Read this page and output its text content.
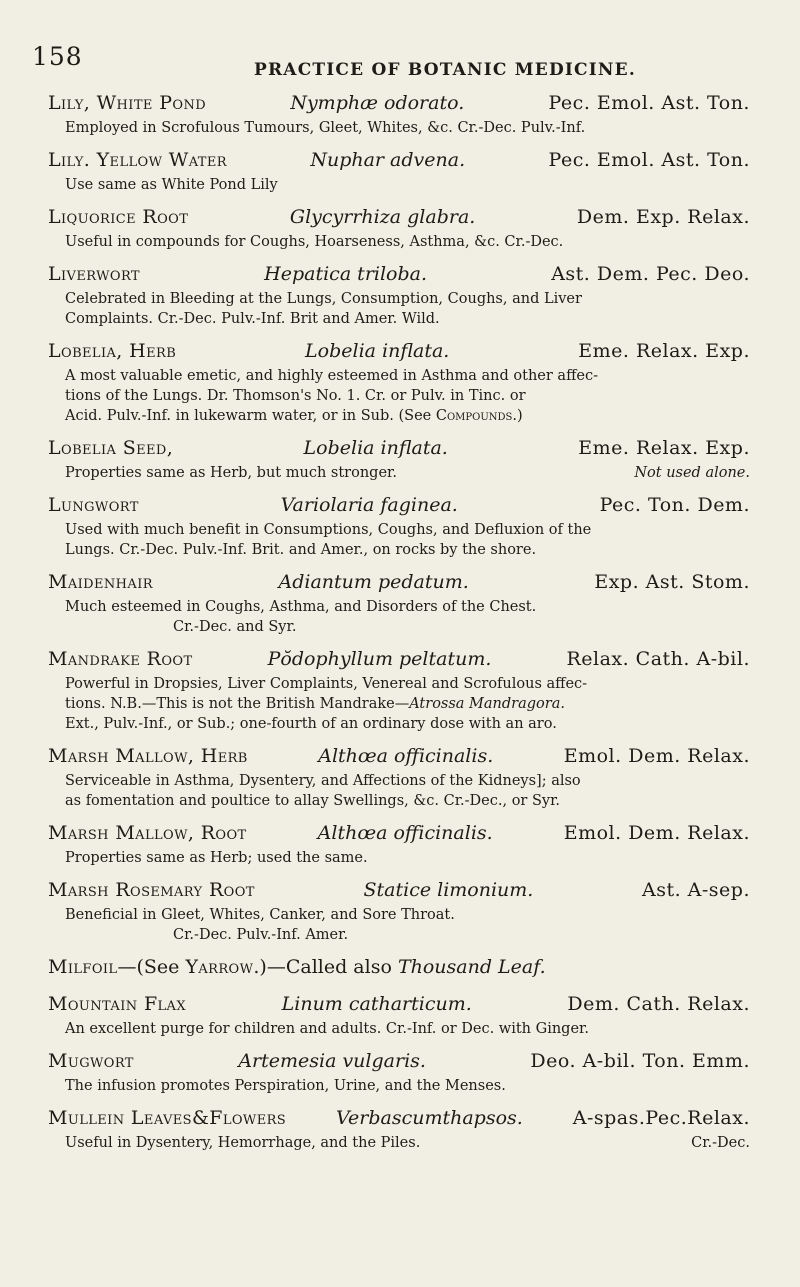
158	PRACTICE OF BOTANIC MEDICINE.
Lily, White Pond	Nymphæ odorato.	Pec. Emol. Ast. Ton.
Employed in Scrofulous Tumours, Gleet, Whites, &c. Cr.-Dec. Pulv.-Inf.
Lily. Yellow Water	Nuphar advena.	Pec. Emol. Ast. Ton.
Use same as White Pond Lily
Liquorice Root	Glycyrrhiza glabra.	Dem. Exp. Relax.
Useful in compounds for Coughs, Hoarseness, Asthma, &c. Cr.-Dec.
Liverwort	Hepatica triloba.	Ast. Dem. Pec. Deo.
Celebrated in Bleeding at the Lungs, Consumption, Coughs, and Liver
Complaints. Cr.-Dec. Pulv.-Inf. Brit and Amer. Wild.
Lobelia, Herb	Lobelia inflata.	Eme. Relax. Exp.
A most valuable emetic, and highly esteemed in Asthma and other affec-
tions of the Lungs. Dr. Thomson's No. 1. Cr. or Pulv. in Tinc. or
Acid. Pulv.-Inf. in lukewarm water, or in Sub. (See Compounds.)
Lobelia Seed,	Lobelia inflata.	Eme. Relax. Exp.
Properties same as Herb, but much stronger.	Not used alone.
Lungwort	Variolaria faginea.	Pec. Ton. Dem.
Used with much benefit in Consumptions, Coughs, and Defluxion of the
Lungs. Cr.-Dec. Pulv.-Inf. Brit. and Amer., on rocks by the shore.
Maidenhair	Adiantum pedatum.	Exp. Ast. Stom.
Much esteemed in Coughs, Asthma, and Disorders of the Chest.
Cr.-Dec. and Syr.
Mandrake Root	Pŏdophyllum peltatum.	Relax. Cath. A-bil.
Powerful in Dropsies, Liver Complaints, Venereal and Scrofulous affec-
tions. N.B.—This is not the British Mandrake—Atrossa Mandragora.
Ext., Pulv.-Inf., or Sub.; one-fourth of an ordinary dose with an aro.
Marsh Mallow, Herb	Althœa officinalis.	Emol. Dem. Relax.
Serviceable in Asthma, Dysentery, and Affections of the Kidneys]; also
as fomentation and poultice to allay Swellings, &c. Cr.-Dec., or Syr.
Marsh Mallow, Root	Althœa officinalis.	Emol. Dem. Relax.
Properties same as Herb; used the same.
Marsh Rosemary Root	Statice limonium.	Ast. A-sep.
Beneficial in Gleet, Whites, Canker, and Sore Throat.
Cr.-Dec. Pulv.-Inf. Amer.
Milfoil—(See Yarrow.)—Called also Thousand Leaf.
Mountain Flax	Linum catharticum.	Dem. Cath. Relax.
An excellent purge for children and adults. Cr.-Inf. or Dec. with Ginger.
Mugwort	Artemesia vulgaris.	Deo. A-bil. Ton. Emm.
The infusion promotes Perspiration, Urine, and the Menses.
Mullein Leaves&Flowers	Verbascumthapsos.	A-spas.Pec.Relax.
Useful in Dysentery, Hemorrhage, and the Piles.	Cr.-Dec.
